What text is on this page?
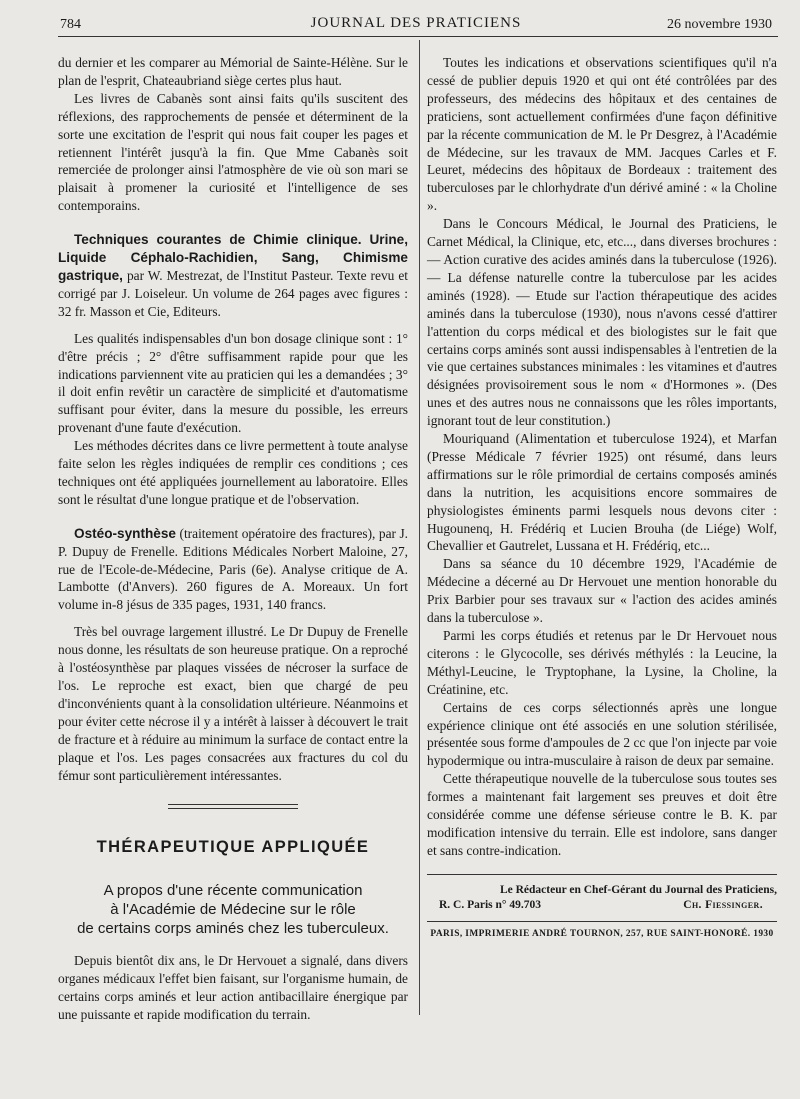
784	JOURNAL DES PRATICIENS	26 novembre 1930

du dernier et les comparer au Mémorial de Sainte-Hélène. Sur le plan de l'esprit, Chateaubriand siège certes plus haut.

Les livres de Cabanès sont ainsi faits qu'ils suscitent des réflexions, des rapprochements de pensée et déterminent de la sorte une excitation de l'esprit qui nous fait couper les pages et retiennent l'intérêt jusqu'à la fin. Que Mme Cabanès soit remerciée de prolonger ainsi l'atmosphère de vie où son mari se plaisait à promener la curiosité et l'intelligence de ses contemporains.

Techniques courantes de Chimie clinique. Urine, Liquide Céphalo-Rachidien, Sang, Chimisme gastrique, par W. Mestrezat, de l'Institut Pasteur. Texte revu et corrigé par J. Loiseleur. Un volume de 264 pages avec figures : 32 fr. Masson et Cie, Editeurs.

Les qualités indispensables d'un bon dosage clinique sont : 1° d'être précis ; 2° d'être suffisamment rapide pour que les indications parviennent vite au praticien qui les a demandées ; 3° il doit enfin revêtir un caractère de simplicité et d'automatisme suffisant pour éviter, dans la mesure du possible, les erreurs provenant d'une faute d'exécution.

Les méthodes décrites dans ce livre permettent à toute analyse faite selon les règles indiquées de remplir ces conditions ; ces techniques ont été appliquées journellement au laboratoire. Elles sont le résultat d'une longue pratique et de l'observation.

Ostéo-synthèse (traitement opératoire des fractures), par J. P. Dupuy de Frenelle. Editions Médicales Norbert Maloine, 27, rue de l'Ecole-de-Médecine, Paris (6e). Analyse critique de A. Lambotte (d'Anvers). 260 figures de A. Moreaux. Un fort volume in-8 jésus de 335 pages, 1931, 140 francs.

Très bel ouvrage largement illustré. Le Dr Dupuy de Frenelle nous donne, les résultats de son heureuse pratique. On a reproché à l'ostéosynthèse par plaques vissées de nécroser la surface de l'os. Le reproche est exact, bien que chargé de peu d'inconvénients quant à la consolidation ultérieure. Néanmoins et pour éviter cette nécrose il y a intérêt à laisser à découvert le trait de fracture et à réduire au minimum la surface de contact entre la plaque et l'os. Les pages consacrées aux fractures du col du fémur sont particulièrement intéressantes.

THÉRAPEUTIQUE APPLIQUÉE
A propos d'une récente communication
à l'Académie de Médecine sur le rôle
de certains corps aminés chez les tuberculeux.

Depuis bientôt dix ans, le Dr Hervouet a signalé, dans divers organes médicaux l'effet bien faisant, sur l'organisme humain, de certains corps aminés et leur action antibacillaire énergique par une puissante et rapide modification du terrain.

Toutes les indications et observations scientifiques qu'il n'a cessé de publier depuis 1920 et qui ont été contrôlées par des professeurs, des médecins des hôpitaux et des centaines de praticiens, sont actuellement confirmées d'une façon définitive par la récente communication de M. le Pr Desgrez, à l'Académie de Médecine, sur les travaux de MM. Jacques Carles et F. Leuret, médecins des hôpitaux de Bordeaux : traitement des tuberculoses par le chlorhydrate d'un dérivé aminé : « la Choline ».

Dans le Concours Médical, le Journal des Praticiens, le Carnet Médical, la Clinique, etc, etc..., dans diverses brochures : — Action curative des acides aminés dans la tuberculose (1926). — La défense naturelle contre la tuberculose par les acides aminés (1928). — Etude sur l'action thérapeutique des acides aminés dans la tuberculose (1930), nous n'avons cessé d'attirer l'attention du corps médical et des biologistes sur le fait que certains corps aminés sont aussi indispensables à l'entretien de la vie que certaines substances minimales : les vitamines et d'autres désignées provisoirement sous le nom « d'Hormones ». (Des unes et des autres nous ne connaissons que les rôles importants, ignorant tout de leur constitution.)

Mouriquand (Alimentation et tuberculose 1924), et Marfan (Presse Médicale 7 février 1925) ont résumé, dans leurs affirmations sur le rôle primordial de certains composés aminés dans la nutrition, les acquisitions encore sommaires de physiologistes éminents parmi lesquels nous devons citer : Hugounenq, H. Frédériq et Lucien Brouha (de Liége) Wolf, Chevallier et Gautrelet, Lussana et H. Frédériq, etc...

Dans sa séance du 10 décembre 1929, l'Académie de Médecine a décerné au Dr Hervouet une mention honorable du Prix Barbier pour ses travaux sur « l'action des acides aminés dans la tuberculose ».

Parmi les corps étudiés et retenus par le Dr Hervouet nous citerons : le Glycocolle, ses dérivés méthylés : la Leucine, la Méthyl-Leucine, le Tryptophane, la Lysine, la Choline, la Créatinine, etc.

Certains de ces corps sélectionnés après une longue expérience clinique ont été associés en une solution stérilisée, présentée sous forme d'ampoules de 2 cc que l'on injecte par voie hypodermique ou intra-musculaire à raison de deux par semaine.

Cette thérapeutique nouvelle de la tuberculose sous toutes ses formes a maintenant fait largement ses preuves et doit être considérée comme une défense sérieuse contre le B. K. par modification intensive du terrain. Elle est indolore, sans danger et sans contre-indication.

Le Rédacteur en Chef-Gérant du Journal des Praticiens,
R. C. Paris n° 49.703	Ch. Fiessinger.
PARIS, IMPRIMERIE ANDRÉ TOURNON, 257, RUE SAINT-HONORÉ. 1930
